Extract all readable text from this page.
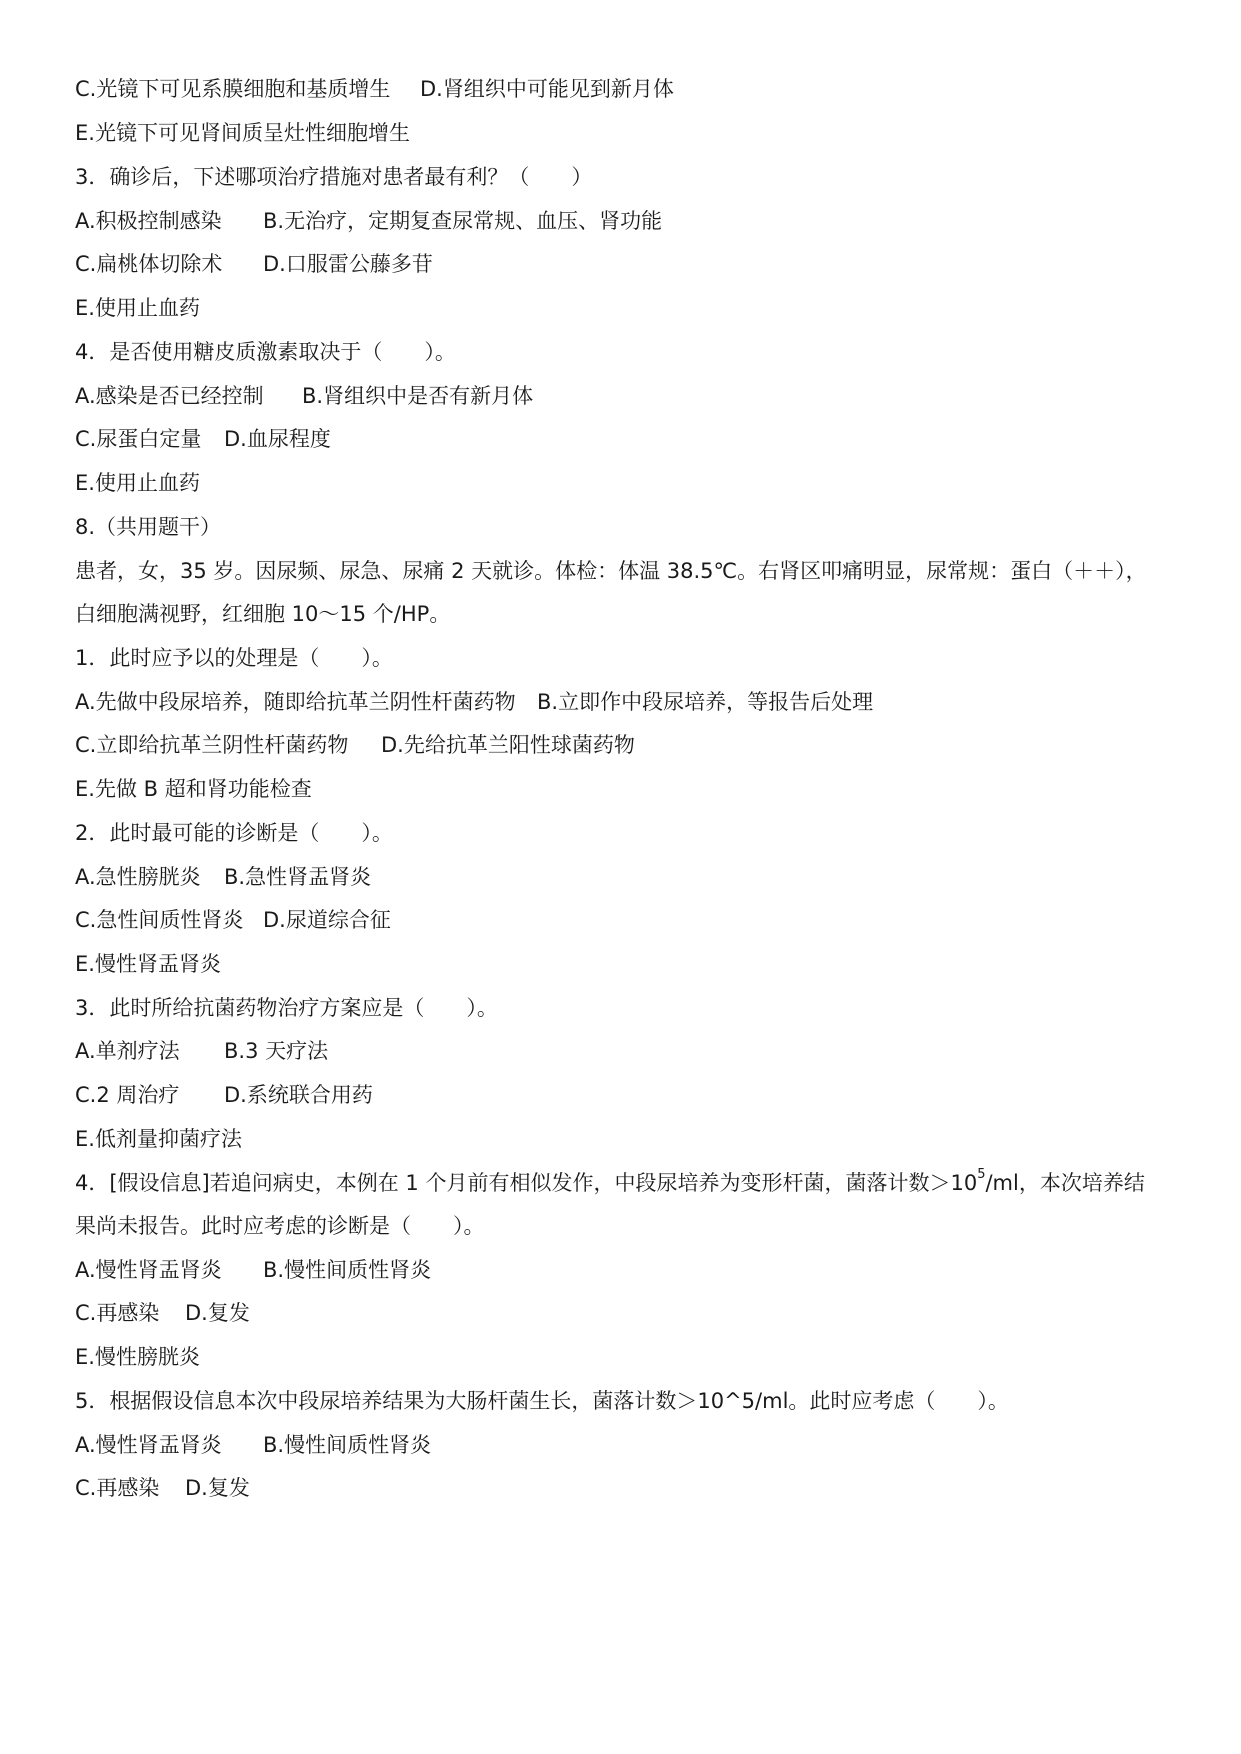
C.光镜下可见系膜细胞和基质增生 D.肾组织中可能见到新月体
E.光镜下可见肾间质呈灶性细胞增生
3．确诊后，下述哪项治疗措施对患者最有利？（　　）
A.积极控制感染 B.无治疗，定期复查尿常规、血压、肾功能
C.扁桃体切除术 D.口服雷公藤多苷
E.使用止血药
4．是否使用糖皮质激素取决于（　　）。
A.感染是否已经控制 B.肾组织中是否有新月体
C.尿蛋白定量 D.血尿程度
E.使用止血药
8.（共用题干）
患者，女，35 岁。因尿频、尿急、尿痛 2 天就诊。体检：体温 38.5℃。右肾区叩痛明显，尿常规：蛋白（＋＋），
白细胞满视野，红细胞 10～15 个/HP。
1．此时应予以的处理是（　　）。
A.先做中段尿培养，随即给抗革兰阴性杆菌药物 B.立即作中段尿培养，等报告后处理
C.立即给抗革兰阴性杆菌药物 D.先给抗革兰阳性球菌药物
E.先做 B 超和肾功能检查
2．此时最可能的诊断是（　　）。
A.急性膀胱炎 B.急性肾盂肾炎
C.急性间质性肾炎 D.尿道综合征
E.慢性肾盂肾炎
3．此时所给抗菌药物治疗方案应是（　　）。
A.单剂疗法 B.3 天疗法
C.2 周治疗 D.系统联合用药
E.低剂量抑菌疗法
4．[假设信息]若追问病史，本例在 1 个月前有相似发作，中段尿培养为变形杆菌，菌落计数$>10^5/ml$，本次培养结
果尚未报告。此时应考虑的诊断是（　　）。
A.慢性肾盂肾炎 B.慢性间质性肾炎
C.再感染 D.复发
E.慢性膀胱炎
5．根据假设信息本次中段尿培养结果为大肠杆菌生长，菌落计数＞10^5/ml。此时应考虑（　　）。
A.慢性肾盂肾炎 B.慢性间质性肾炎
C.再感染 D.复发
